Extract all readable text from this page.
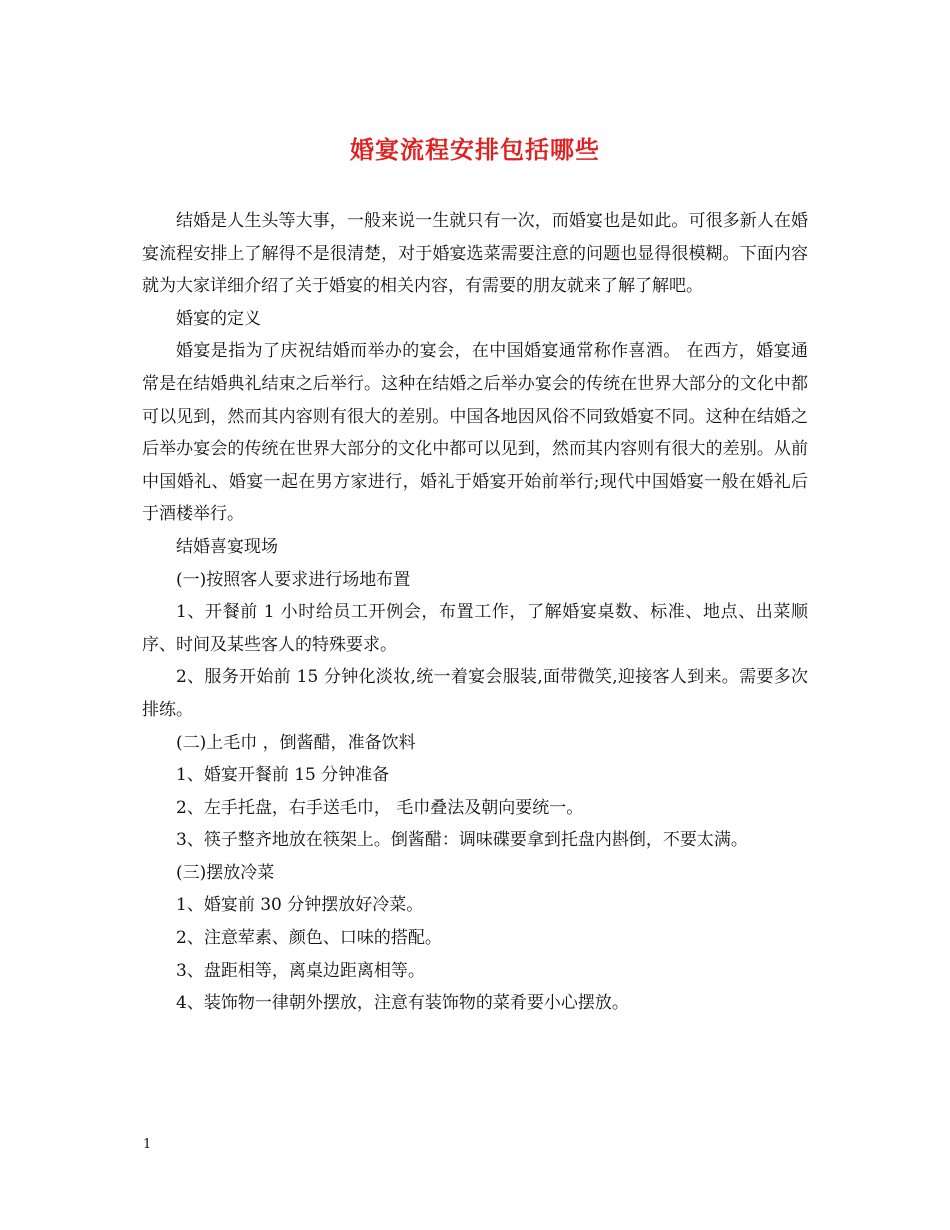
婚宴流程安排包括哪些

结婚是人生头等大事，一般来说一生就只有一次，而婚宴也是如此。可很多新人在婚宴流程安排上了解得不是很清楚，对于婚宴选菜需要注意的问题也显得很模糊。下面内容就为大家详细介绍了关于婚宴的相关内容，有需要的朋友就来了解了解吧。

婚宴的定义

婚宴是指为了庆祝结婚而举办的宴会，在中国婚宴通常称作喜酒。 在西方，婚宴通常是在结婚典礼结束之后举行。这种在结婚之后举办宴会的传统在世界大部分的文化中都可以见到，然而其内容则有很大的差别。中国各地因风俗不同致婚宴不同。这种在结婚之后举办宴会的传统在世界大部分的文化中都可以见到，然而其内容则有很大的差别。从前中国婚礼、婚宴一起在男方家进行，婚礼于婚宴开始前举行;现代中国婚宴一般在婚礼后于酒楼举行。

结婚喜宴现场

(一)按照客人要求进行场地布置

1、开餐前 1 小时给员工开例会，布置工作，了解婚宴桌数、标准、地点、出菜顺序、时间及某些客人的特殊要求。

2、服务开始前 15 分钟化淡妆,统一着宴会服装,面带微笑,迎接客人到来。需要多次排练。

(二)上毛巾 ，倒酱醋，准备饮料

1、婚宴开餐前 15 分钟准备

2、左手托盘，右手送毛巾， 毛巾叠法及朝向要统一。

3、筷子整齐地放在筷架上。倒酱醋：调味碟要拿到托盘内斟倒，不要太满。

(三)摆放冷菜

1、婚宴前 30 分钟摆放好冷菜。

2、注意荤素、颜色、口味的搭配。

3、盘距相等，离桌边距离相等。

4、装饰物一律朝外摆放，注意有装饰物的菜肴要小心摆放。

1
